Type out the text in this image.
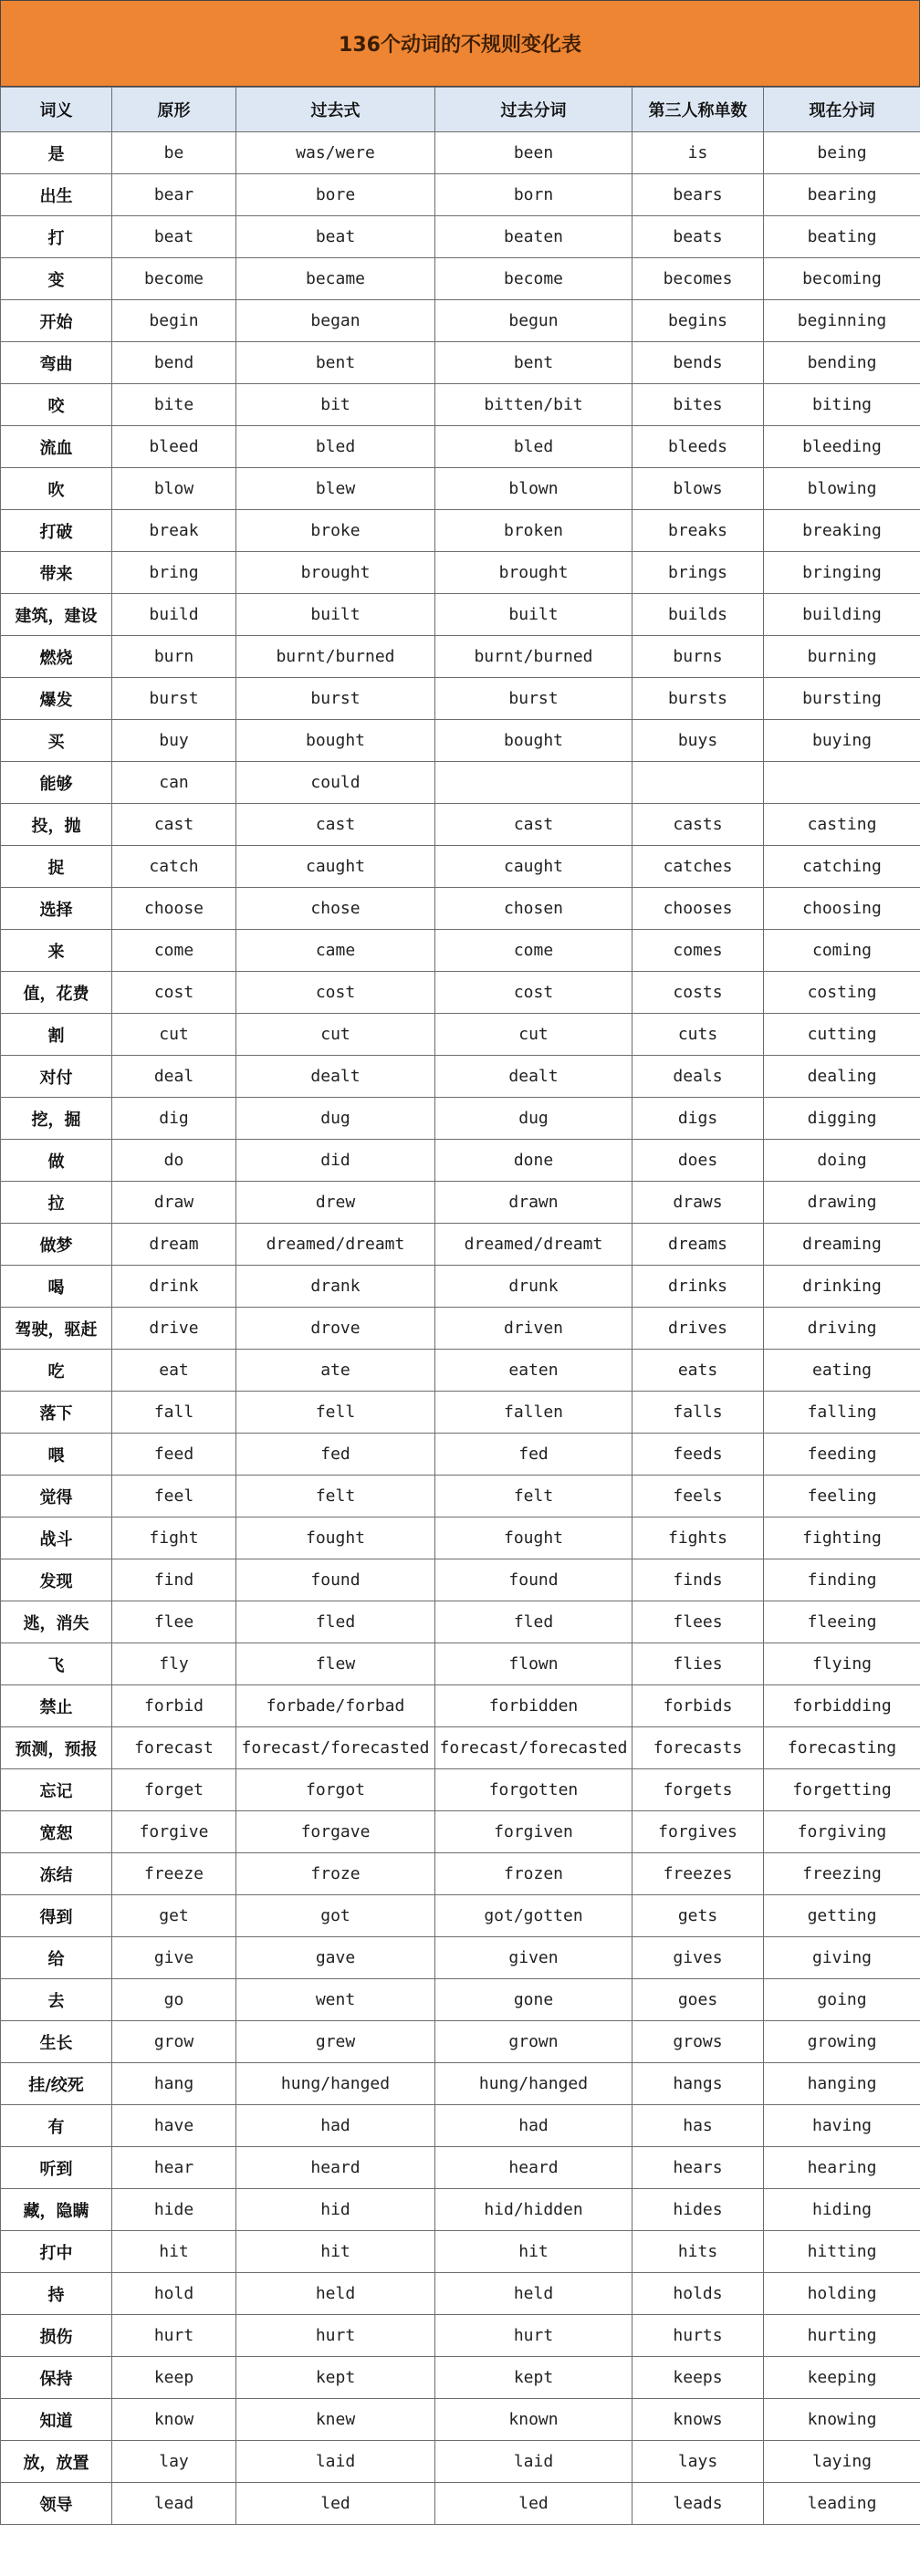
136个动词的不规则变化表
词义	原形	过去式	过去分词	第三人称单数	现在分词
是	be	was/were	been	is	being
出生	bear	bore	born	bears	bearing
打	beat	beat	beaten	beats	beating
变	become	became	become	becomes	becoming
开始	begin	began	begun	begins	beginning
弯曲	bend	bent	bent	bends	bending
咬	bite	bit	bitten/bit	bites	biting
流血	bleed	bled	bled	bleeds	bleeding
吹	blow	blew	blown	blows	blowing
打破	break	broke	broken	breaks	breaking
带来	bring	brought	brought	brings	bringing
建筑，建设	build	built	built	builds	building
燃烧	burn	burnt/burned	burnt/burned	burns	burning
爆发	burst	burst	burst	bursts	bursting
买	buy	bought	bought	buys	buying
能够	can	could			
投，抛	cast	cast	cast	casts	casting
捉	catch	caught	caught	catches	catching
选择	choose	chose	chosen	chooses	choosing
来	come	came	come	comes	coming
值，花费	cost	cost	cost	costs	costing
割	cut	cut	cut	cuts	cutting
对付	deal	dealt	dealt	deals	dealing
挖，掘	dig	dug	dug	digs	digging
做	do	did	done	does	doing
拉	draw	drew	drawn	draws	drawing
做梦	dream	dreamed/dreamt	dreamed/dreamt	dreams	dreaming
喝	drink	drank	drunk	drinks	drinking
驾驶，驱赶	drive	drove	driven	drives	driving
吃	eat	ate	eaten	eats	eating
落下	fall	fell	fallen	falls	falling
喂	feed	fed	fed	feeds	feeding
觉得	feel	felt	felt	feels	feeling
战斗	fight	fought	fought	fights	fighting
发现	find	found	found	finds	finding
逃，消失	flee	fled	fled	flees	fleeing
飞	fly	flew	flown	flies	flying
禁止	forbid	forbade/forbad	forbidden	forbids	forbidding
预测，预报	forecast	forecast/forecasted	forecast/forecasted	forecasts	forecasting
忘记	forget	forgot	forgotten	forgets	forgetting
宽恕	forgive	forgave	forgiven	forgives	forgiving
冻结	freeze	froze	frozen	freezes	freezing
得到	get	got	got/gotten	gets	getting
给	give	gave	given	gives	giving
去	go	went	gone	goes	going
生长	grow	grew	grown	grows	growing
挂/绞死	hang	hung/hanged	hung/hanged	hangs	hanging
有	have	had	had	has	having
听到	hear	heard	heard	hears	hearing
藏，隐瞒	hide	hid	hid/hidden	hides	hiding
打中	hit	hit	hit	hits	hitting
持	hold	held	held	holds	holding
损伤	hurt	hurt	hurt	hurts	hurting
保持	keep	kept	kept	keeps	keeping
知道	know	knew	known	knows	knowing
放，放置	lay	laid	laid	lays	laying
领导	lead	led	led	leads	leading
